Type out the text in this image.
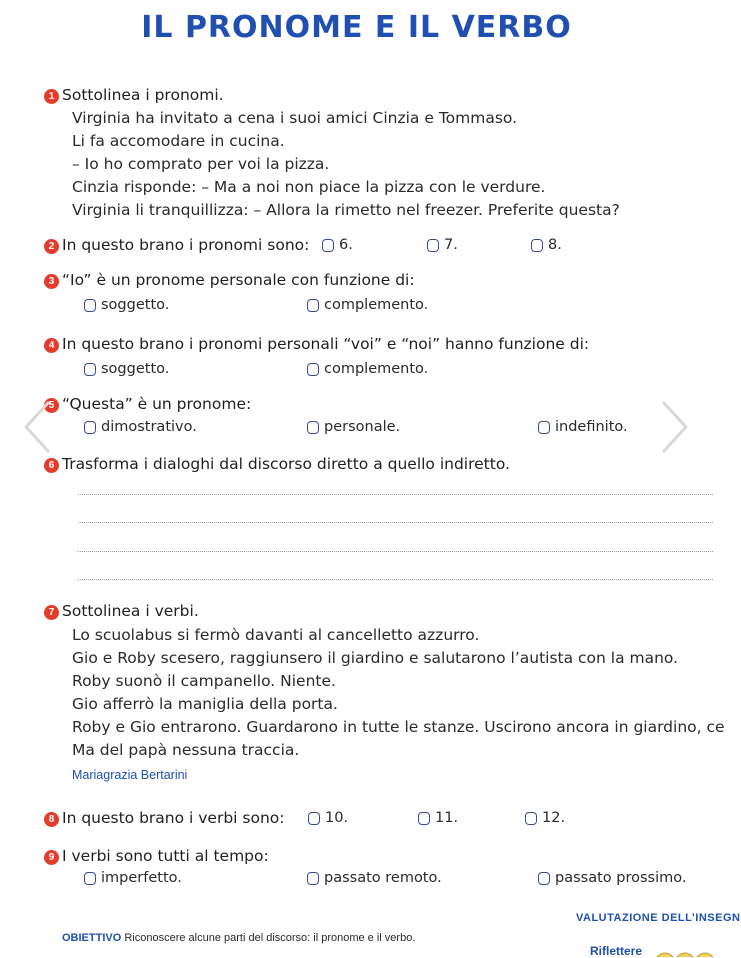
IL PRONOME E IL VERBO
1 Sottolinea i pronomi.
Virginia ha invitato a cena i suoi amici Cinzia e Tommaso.
Li fa accomodare in cucina.
– Io ho comprato per voi la pizza.
Cinzia risponde: – Ma a noi non piace la pizza con le verdure.
Virginia li tranquillizza: – Allora la rimetto nel freezer. Preferite questa?
2 In questo brano i pronomi sono: 6.	7.	8.
3 “Io” è un pronome personale con funzione di:
soggetto.	complemento.
4 In questo brano i pronomi personali “voi” e “noi” hanno funzione di:
soggetto.	complemento.
5 “Questa” è un pronome:
dimostrativo.	personale.	indefinito.
6 Trasforma i dialoghi dal discorso diretto a quello indiretto.
7 Sottolinea i verbi.
Lo scuolabus si fermò davanti al cancelletto azzurro.
Gio e Roby scesero, raggiunsero il giardino e salutarono l’autista con la mano.
Roby suonò il campanello. Niente.
Gio afferrò la maniglia della porta.
Roby e Gio entrarono. Guardarono in tutte le stanze. Uscirono ancora in giardino, ce
Ma del papà nessuna traccia.
Mariagrazia Bertarini
8 In questo brano i verbi sono:	10.	11.	12.
9 I verbi sono tutti al tempo:
imperfetto.	passato remoto.	passato prossimo.
OBIETTIVO Riconoscere alcune parti del discorso: il pronome e il verbo.
VALUTAZIONE DELL’INSEGN
Riflettere
